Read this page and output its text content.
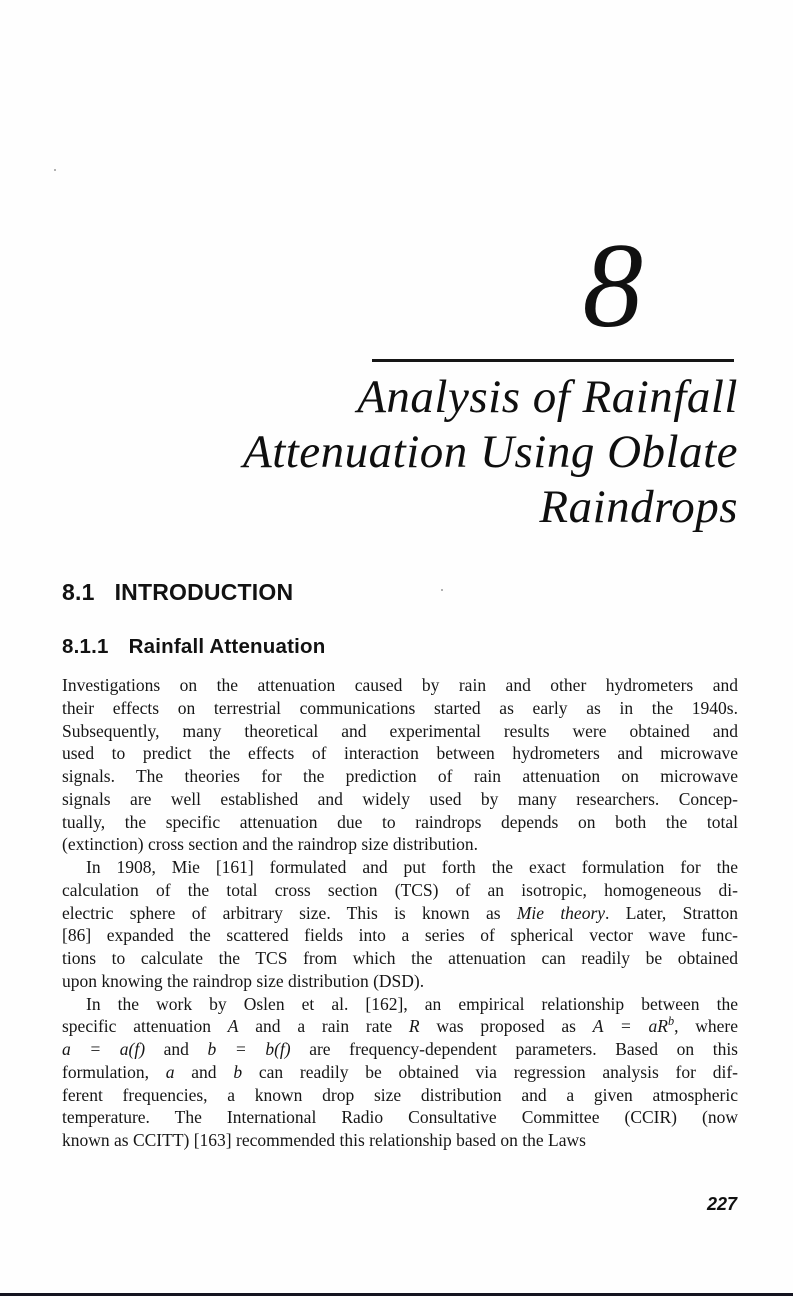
8
Analysis of Rainfall
Attenuation Using Oblate
Raindrops
8.1 INTRODUCTION
8.1.1 Rainfall Attenuation

Investigations on the attenuation caused by rain and other hydrometers and
their effects on terrestrial communications started as early as in the 1940s.
Subsequently, many theoretical and experimental results were obtained and
used to predict the effects of interaction between hydrometers and microwave
signals. The theories for the prediction of rain attenuation on microwave
signals are well established and widely used by many researchers. Concep-
tually, the specific attenuation due to raindrops depends on both the total
(extinction) cross section and the raindrop size distribution.

In 1908, Mie [161] formulated and put forth the exact formulation for the
calculation of the total cross section (TCS) of an isotropic, homogeneous di-
electric sphere of arbitrary size. This is known as Mie theory. Later, Stratton
[86] expanded the scattered fields into a series of spherical vector wave func-
tions to calculate the TCS from which the attenuation can readily be obtained
upon knowing the raindrop size distribution (DSD).

In the work by Oslen et al. [162], an empirical relationship between the
specific attenuation A and a rain rate R was proposed as $A = aR^b$, where
a = a(f) and b = b(f) are frequency-dependent parameters. Based on this
formulation, a and b can readily be obtained via regression analysis for dif-
ferent frequencies, a known drop size distribution and a given atmospheric
temperature. The International Radio Consultative Committee (CCIR) (now
known as CCITT) [163] recommended this relationship based on the Laws

227
